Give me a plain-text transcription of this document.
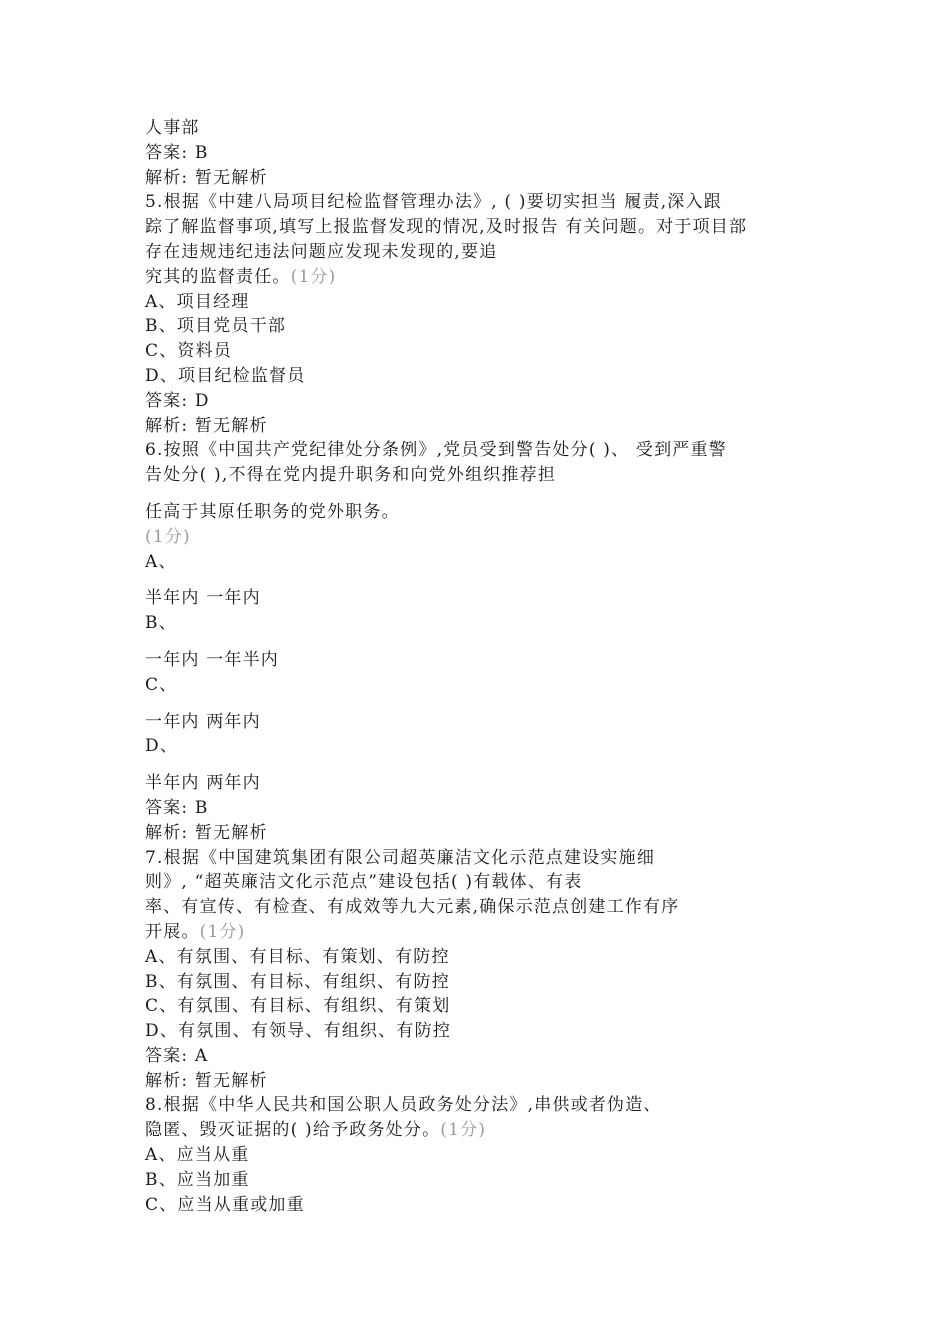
人事部
答案: B
解析: 暂无解析
5.根据《中建八局项目纪检监督管理办法》, ( )要切实担当 履责,深入跟
踪了解监督事项,填写上报监督发现的情况,及时报告 有关问题。对于项目部
存在违规违纪违法问题应发现未发现的,要追
究其的监督责任。(1分)
A、项目经理
B、项目党员干部
C、资料员
D、项目纪检监督员
答案: D
解析: 暂无解析
6.按照《中国共产党纪律处分条例》,党员受到警告处分( )、 受到严重警
告处分( ),不得在党内提升职务和向党外组织推荐担
任高于其原任职务的党外职务。
(1分)
A、
半年内 一年内
B、
一年内 一年半内
C、
一年内 两年内
D、
半年内 两年内
答案: B
解析: 暂无解析
7.根据《中国建筑集团有限公司超英廉洁文化示范点建设实施细
则》, “超英廉洁文化示范点”建设包括( )有载体、有表
率、有宣传、有检查、有成效等九大元素,确保示范点创建工作有序
开展。(1分)
A、有氛围、有目标、有策划、有防控
B、有氛围、有目标、有组织、有防控
C、有氛围、有目标、有组织、有策划
D、有氛围、有领导、有组织、有防控
答案: A
解析: 暂无解析
8.根据《中华人民共和国公职人员政务处分法》,串供或者伪造、
隐匿、毁灭证据的( )给予政务处分。(1分)
A、应当从重
B、应当加重
C、应当从重或加重
